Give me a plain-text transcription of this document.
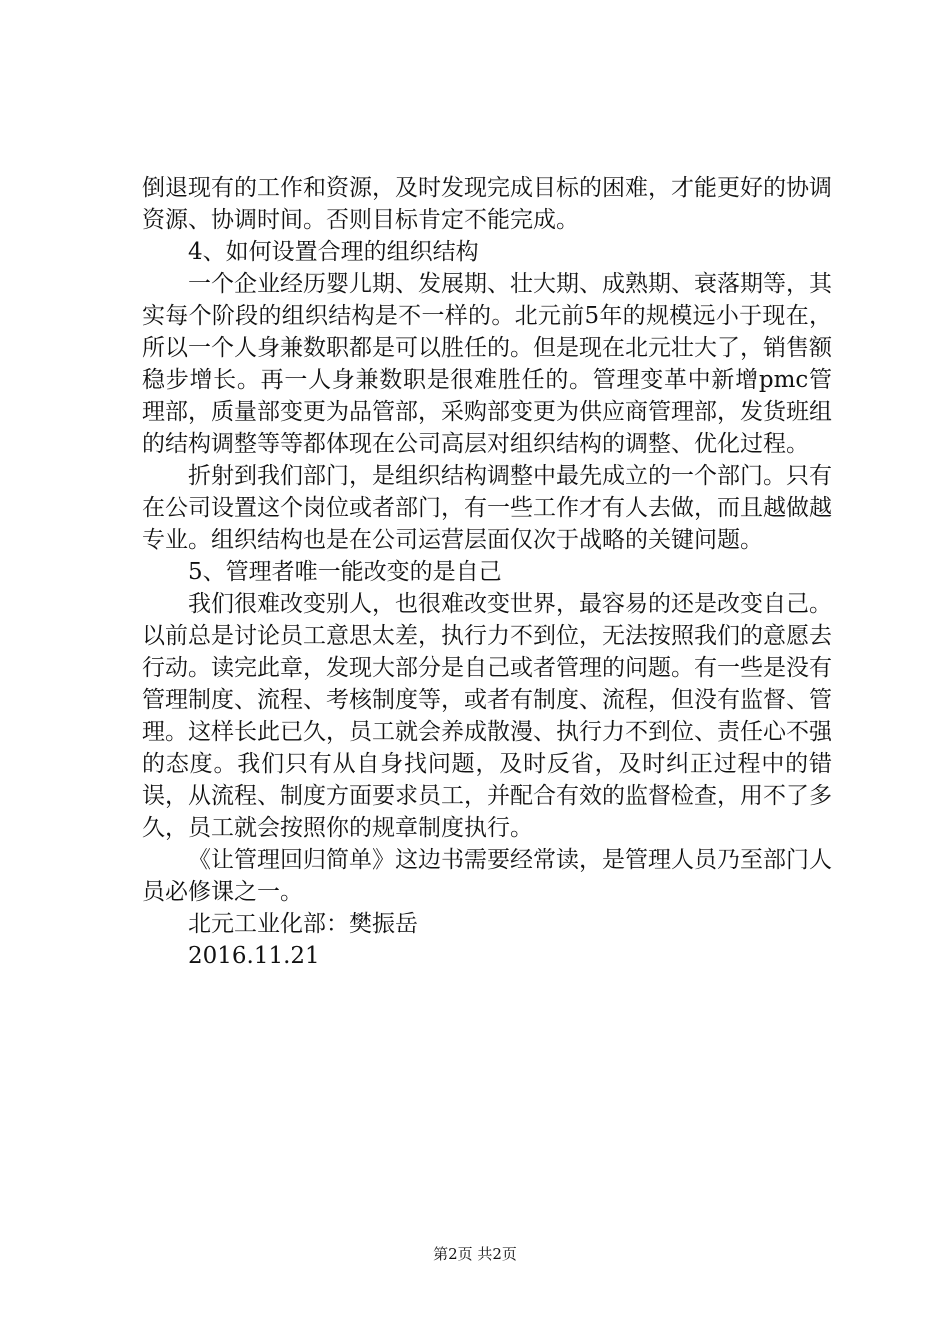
倒退现有的工作和资源，及时发现完成目标的困难，才能更好的协调资源、协调时间。否则目标肯定不能完成。

4、如何设置合理的组织结构

一个企业经历婴儿期、发展期、壮大期、成熟期、衰落期等，其实每个阶段的组织结构是不一样的。北元前5年的规模远小于现在，所以一个人身兼数职都是可以胜任的。但是现在北元壮大了，销售额稳步增长。再一人身兼数职是很难胜任的。管理变革中新增pmc管理部，质量部变更为品管部，采购部变更为供应商管理部，发货班组的结构调整等等都体现在公司高层对组织结构的调整、优化过程。

折射到我们部门，是组织结构调整中最先成立的一个部门。只有在公司设置这个岗位或者部门，有一些工作才有人去做，而且越做越专业。组织结构也是在公司运营层面仅次于战略的关键问题。

5、管理者唯一能改变的是自己

我们很难改变别人，也很难改变世界，最容易的还是改变自己。以前总是讨论员工意思太差，执行力不到位，无法按照我们的意愿去行动。读完此章，发现大部分是自己或者管理的问题。有一些是没有管理制度、流程、考核制度等，或者有制度、流程，但没有监督、管理。这样长此已久，员工就会养成散漫、执行力不到位、责任心不强的态度。我们只有从自身找问题，及时反省，及时纠正过程中的错误，从流程、制度方面要求员工，并配合有效的监督检查，用不了多久，员工就会按照你的规章制度执行。

《让管理回归简单》这边书需要经常读，是管理人员乃至部门人员必修课之一。

北元工业化部：樊振岳

2016.11.21

第2页 共2页
